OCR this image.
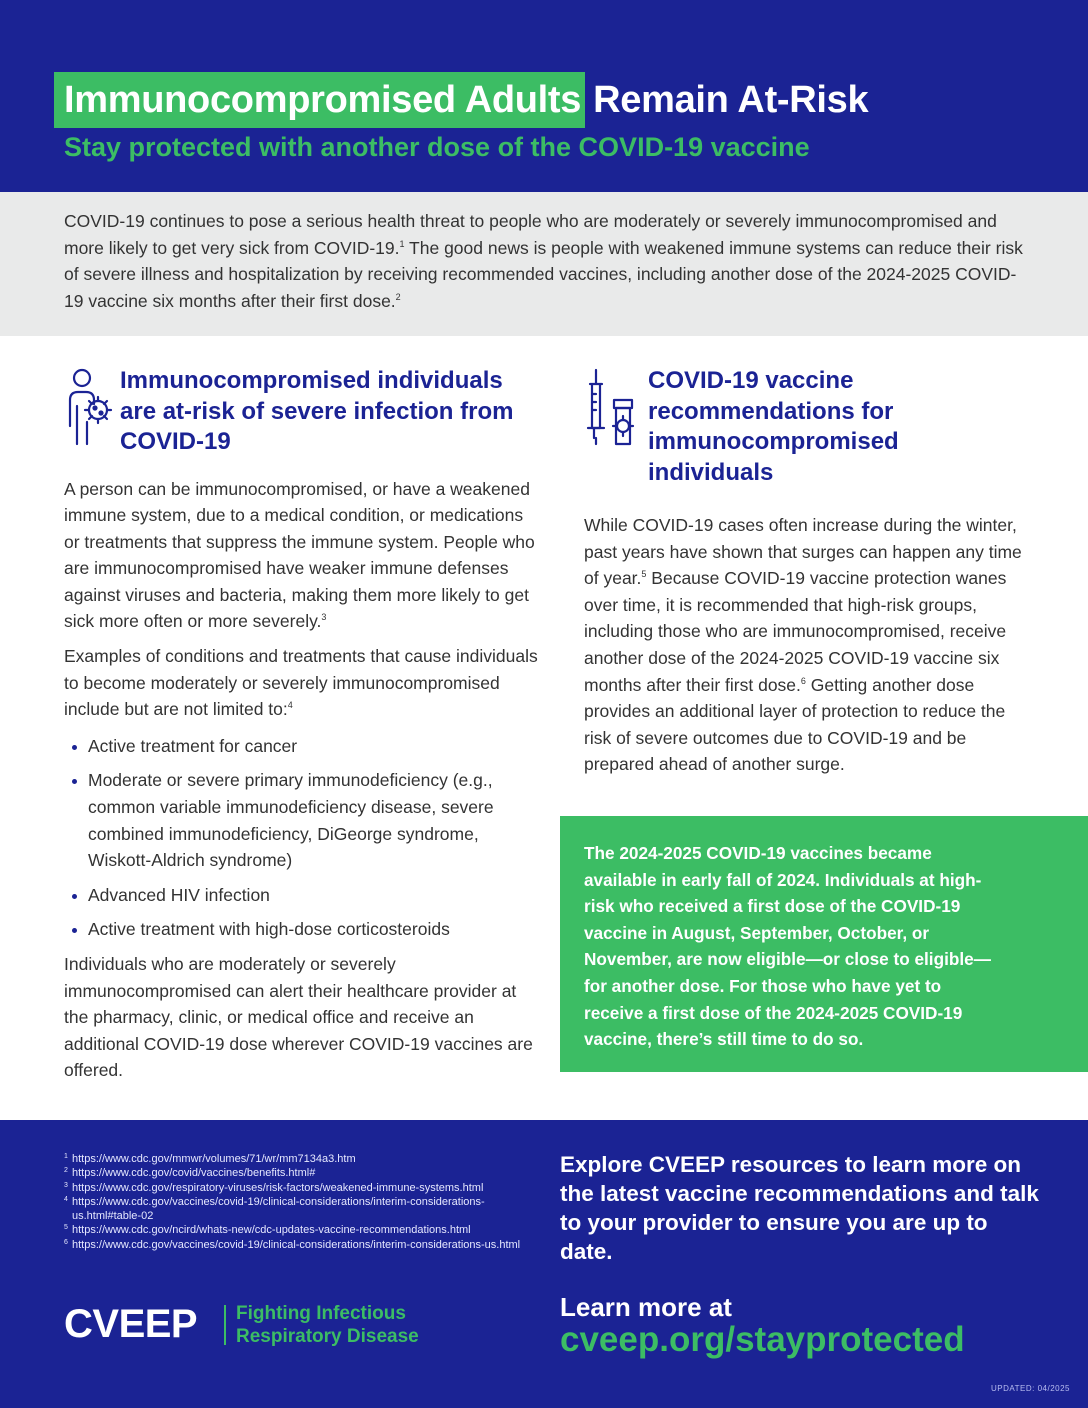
Immunocompromised Adults Remain At-Risk
Stay protected with another dose of the COVID-19 vaccine

COVID-19 continues to pose a serious health threat to people who are moderately or severely immunocompromised and more likely to get very sick from COVID-19.$^1$ The good news is people with weakened immune systems can reduce their risk of severe illness and hospitalization by receiving recommended vaccines, including another dose of the 2024-2025 COVID-19 vaccine six months after their first dose.$^2$

Immunocompromised individuals are at-risk of severe infection from COVID-19

A person can be immunocompromised, or have a weakened immune system, due to a medical condition, or medications or treatments that suppress the immune system. People who are immunocompromised have weaker immune defenses against viruses and bacteria, making them more likely to get sick more often or more severely.$^3$

Examples of conditions and treatments that cause individuals to become moderately or severely immunocompromised include but are not limited to:$^4$

Active treatment for cancer
Moderate or severe primary immunodeficiency (e.g., common variable immunodeficiency disease, severe combined immunodeficiency, DiGeorge syndrome, Wiskott-Aldrich syndrome)
Advanced HIV infection
Active treatment with high-dose corticosteroids

Individuals who are moderately or severely immunocompromised can alert their healthcare provider at the pharmacy, clinic, or medical office and receive an additional COVID-19 dose wherever COVID-19 vaccines are offered.

COVID-19 vaccine recommendations for immunocompromised individuals

While COVID-19 cases often increase during the winter, past years have shown that surges can happen any time of year.$^5$ Because COVID-19 vaccine protection wanes over time, it is recommended that high-risk groups, including those who are immunocompromised, receive another dose of the 2024-2025 COVID-19 vaccine six months after their first dose.$^6$ Getting another dose provides an additional layer of protection to reduce the risk of severe outcomes due to COVID-19 and be prepared ahead of another surge.

The 2024-2025 COVID-19 vaccines became available in early fall of 2024. Individuals at high-risk who received a first dose of the COVID-19 vaccine in August, September, October, or November, are now eligible—or close to eligible—for another dose. For those who have yet to receive a first dose of the 2024-2025 COVID-19 vaccine, there’s still time to do so.

1 https://www.cdc.gov/mmwr/volumes/71/wr/mm7134a3.htm
2 https://www.cdc.gov/covid/vaccines/benefits.html#
3 https://www.cdc.gov/respiratory-viruses/risk-factors/weakened-immune-systems.html
4 https://www.cdc.gov/vaccines/covid-19/clinical-considerations/interim-considerations-us.html#table-02
5 https://www.cdc.gov/ncird/whats-new/cdc-updates-vaccine-recommendations.html
6 https://www.cdc.gov/vaccines/covid-19/clinical-considerations/interim-considerations-us.html

Explore CVEEP resources to learn more on the latest vaccine recommendations and talk to your provider to ensure you are up to date.

Learn more at
cveep.org/stayprotected
CVEEP Fighting Infectious
Respiratory Disease
UPDATED: 04/2025
